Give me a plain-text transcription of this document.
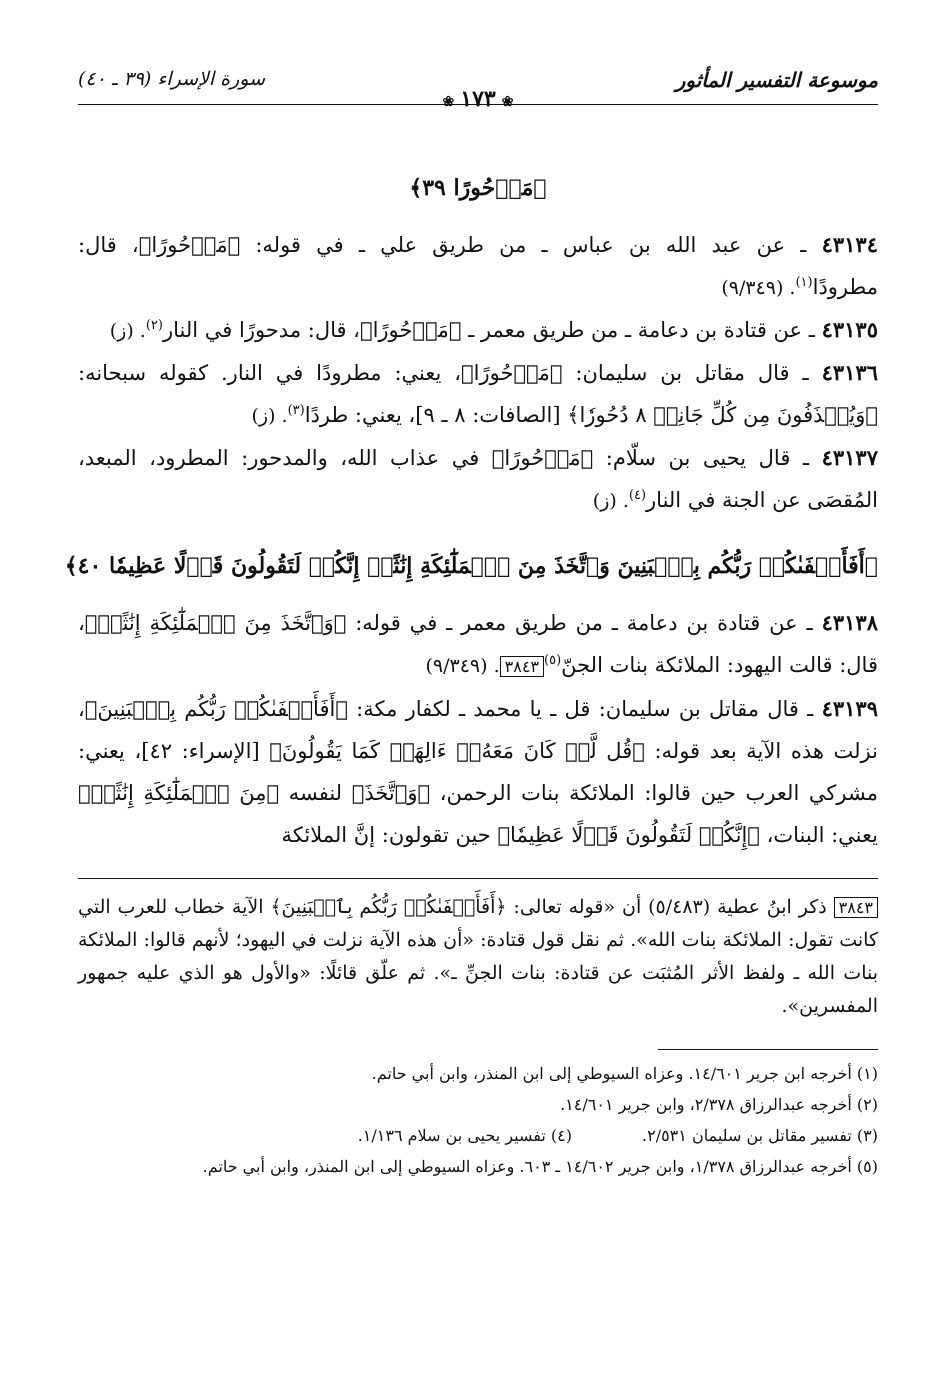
موسوعة التفسير المأثور
❀١٧٣❀
سورة الإسراء (٣٩ ـ ٤٠)
﴿مَدۡحُورًا ٣٩﴾

٤٣١٣٤ ـ عن عبد الله بن عباس ـ من طريق علي ـ في قوله: ﴿مَدۡحُورًا﴾، قال: مطرودًا$^{(١)}$. (٩/٣٤٩)

٤٣١٣٥ ـ عن قتادة بن دعامة ـ من طريق معمر ـ ﴿مَدۡحُورًا﴾، قال: مدحورًا في النار$^{(٢)}$. (ز)

٤٣١٣٦ ـ قال مقاتل بن سليمان: ﴿مَدۡحُورًا﴾، يعني: مطرودًا في النار. كقوله سبحانه: ﴿وَيُقۡذَفُونَ مِن كُلِّ جَانِبٖ ٨ دُحُورٗا﴾ [الصافات: ٨ ـ ٩]، يعني: طردًا$^{(٣)}$. (ز)

٤٣١٣٧ ـ قال يحيى بن سلّام: ﴿مَدۡحُورًا﴾ في عذاب الله، والمدحور: المطرود، المبعد، المُقصَى عن الجنة في النار$^{(٤)}$. (ز)

﴿أَفَأَصۡفَىٰكُمۡ رَبُّكُم بِٱلۡبَنِينَ وَٱتَّخَذَ مِنَ ٱلۡمَلَٰٓئِكَةِ إِنَٰثًاۚ إِنَّكُمۡ لَتَقُولُونَ قَوۡلًا عَظِيمٗا ٤٠﴾

٤٣١٣٨ ـ عن قتادة بن دعامة ـ من طريق معمر ـ في قوله: ﴿وَٱتَّخَذَ مِنَ ٱلۡمَلَٰٓئِكَةِ إِنَٰثًاۚ﴾، قال: قالت اليهود: الملائكة بنات الجنّ$^{(٥)}$٣٨٤٣. (٩/٣٤٩)

٤٣١٣٩ ـ قال مقاتل بن سليمان: قل ـ يا محمد ـ لكفار مكة: ﴿أَفَأَصۡفَىٰكُمۡ رَبُّكُم بِٱلۡبَنِينَ﴾، نزلت هذه الآية بعد قوله: ﴿قُل لَّوۡ كَانَ مَعَهُۥٓ ءَالِهَةٞ كَمَا يَقُولُونَ﴾ [الإسراء: ٤٢]، يعني: مشركي العرب حين قالوا: الملائكة بنات الرحمن، ﴿وَٱتَّخَذَ﴾ لنفسه ﴿مِنَ ٱلۡمَلَٰٓئِكَةِ إِنَٰثًاۚ﴾ يعني: البنات، ﴿إِنَّكُمۡ لَتَقُولُونَ قَوۡلًا عَظِيمٗا﴾ حين تقولون: إنَّ الملائكة

٣٨٤٣ ذكر ابنُ عطية (٥/٤٨٣) أن «قوله تعالى: ﴿أَفَأَصۡفَىٰكُمۡ رَبُّكُم بِٱلۡبَنِينَ﴾ الآية خطاب للعرب التي كانت تقول: الملائكة بنات الله». ثم نقل قول قتادة: «أن هذه الآية نزلت في اليهود؛ لأنهم قالوا: الملائكة بنات الله ـ ولفظ الأثر المُثبَت عن قتادة: بنات الجنِّ ـ». ثم علّق قائلًا: «والأول هو الذي عليه جمهور المفسرين».

(١) أخرجه ابن جرير ١٤/٦٠١. وعزاه السيوطي إلى ابن المنذر، وابن أبي حاتم.

(٢) أخرجه عبدالرزاق ٢/٣٧٨، وابن جرير ١٤/٦٠١.

(٣) تفسير مقاتل بن سليمان ٢/٥٣١.

(٤) تفسير يحيى بن سلام ١/١٣٦.

(٥) أخرجه عبدالرزاق ١/٣٧٨، وابن جرير ١٤/٦٠٢ ـ ٦٠٣. وعزاه السيوطي إلى ابن المنذر، وابن أبي حاتم.
